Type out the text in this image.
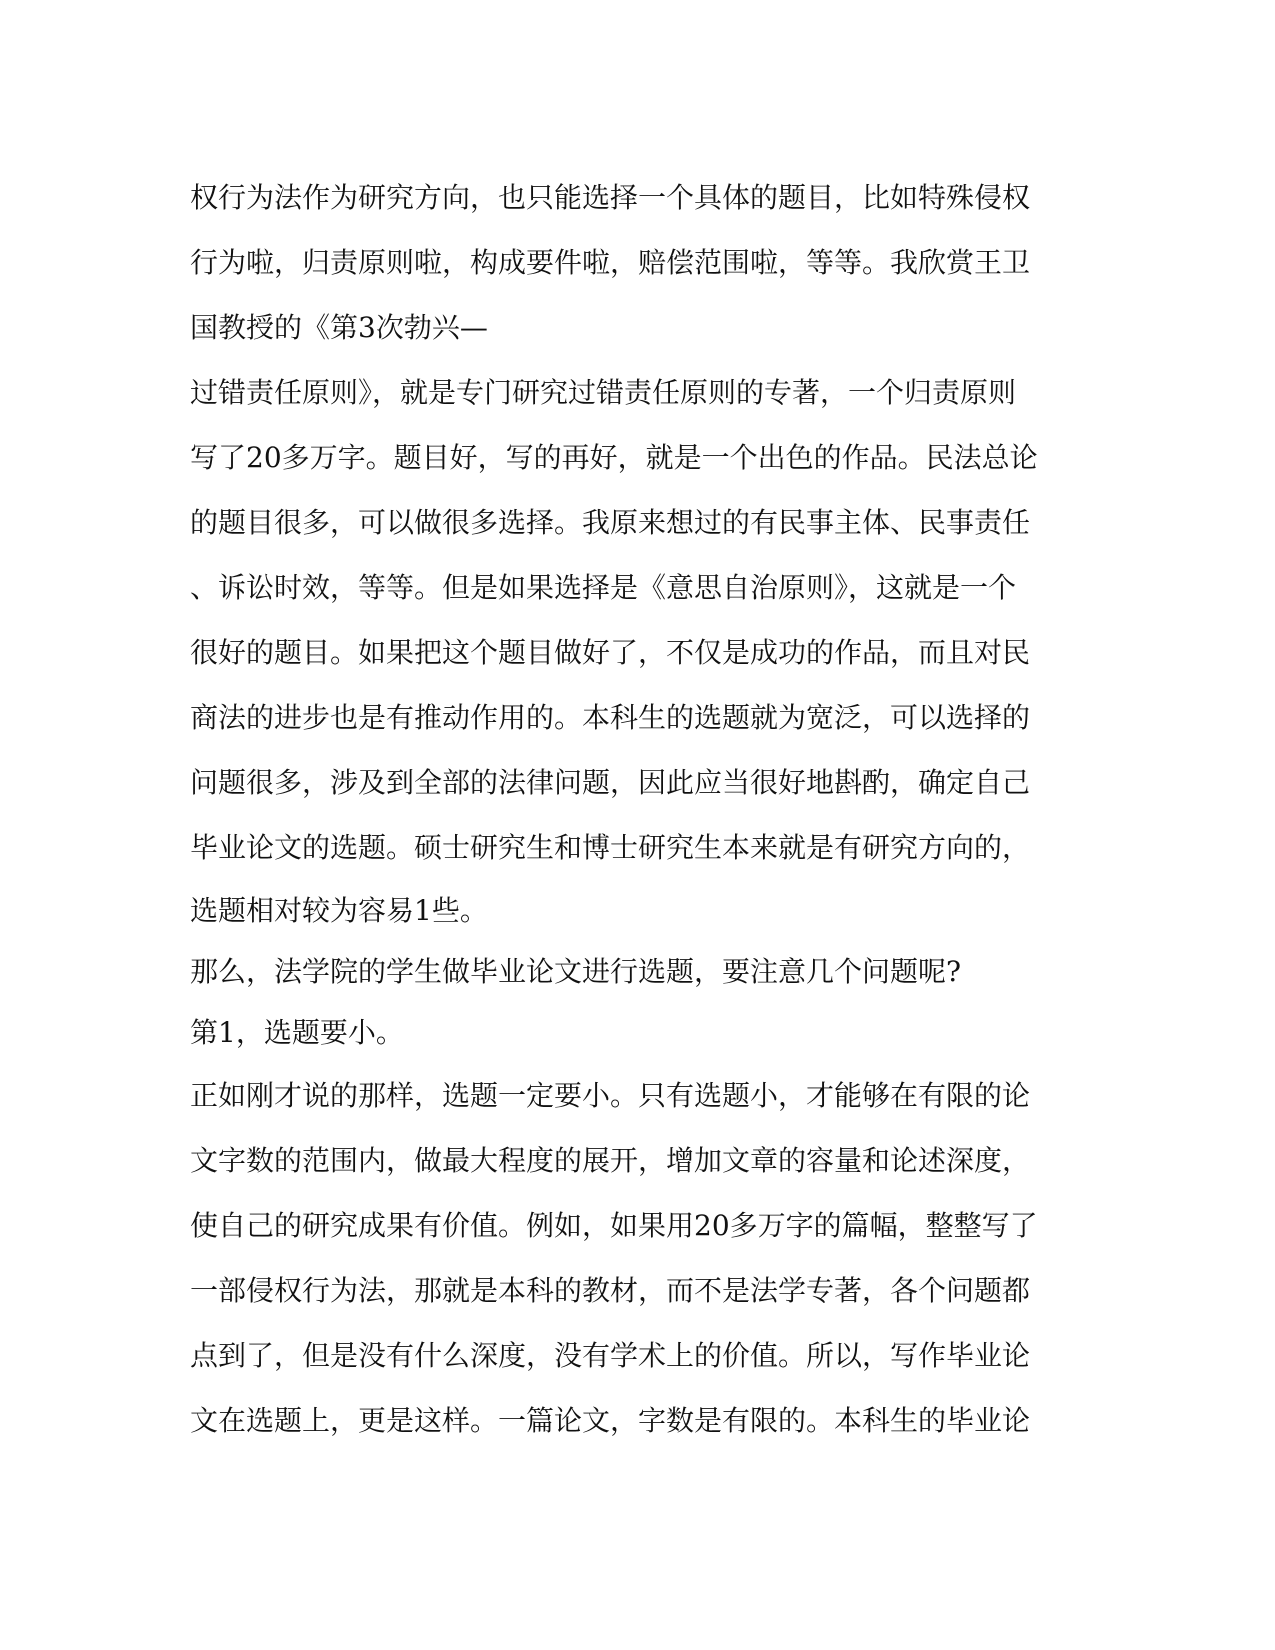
权行为法作为研究方向，也只能选择一个具体的题目，比如特殊侵权
行为啦，归责原则啦，构成要件啦，赔偿范围啦，等等。我欣赏王卫
国教授的《第3次勃兴—
过错责任原则》，就是专门研究过错责任原则的专著，一个归责原则
写了20多万字。题目好，写的再好，就是一个出色的作品。民法总论
的题目很多，可以做很多选择。我原来想过的有民事主体、民事责任
、诉讼时效，等等。但是如果选择是《意思自治原则》，这就是一个
很好的题目。如果把这个题目做好了，不仅是成功的作品，而且对民
商法的进步也是有推动作用的。本科生的选题就为宽泛，可以选择的
问题很多，涉及到全部的法律问题，因此应当很好地斟酌，确定自己
毕业论文的选题。硕士研究生和博士研究生本来就是有研究方向的，
选题相对较为容易1些。
那么，法学院的学生做毕业论文进行选题，要注意几个问题呢?
第1，选题要小。
正如刚才说的那样，选题一定要小。只有选题小，才能够在有限的论
文字数的范围内，做最大程度的展开，增加文章的容量和论述深度，
使自己的研究成果有价值。例如，如果用20多万字的篇幅，整整写了
一部侵权行为法，那就是本科的教材，而不是法学专著，各个问题都
点到了，但是没有什么深度，没有学术上的价值。所以，写作毕业论
文在选题上，更是这样。一篇论文，字数是有限的。本科生的毕业论
